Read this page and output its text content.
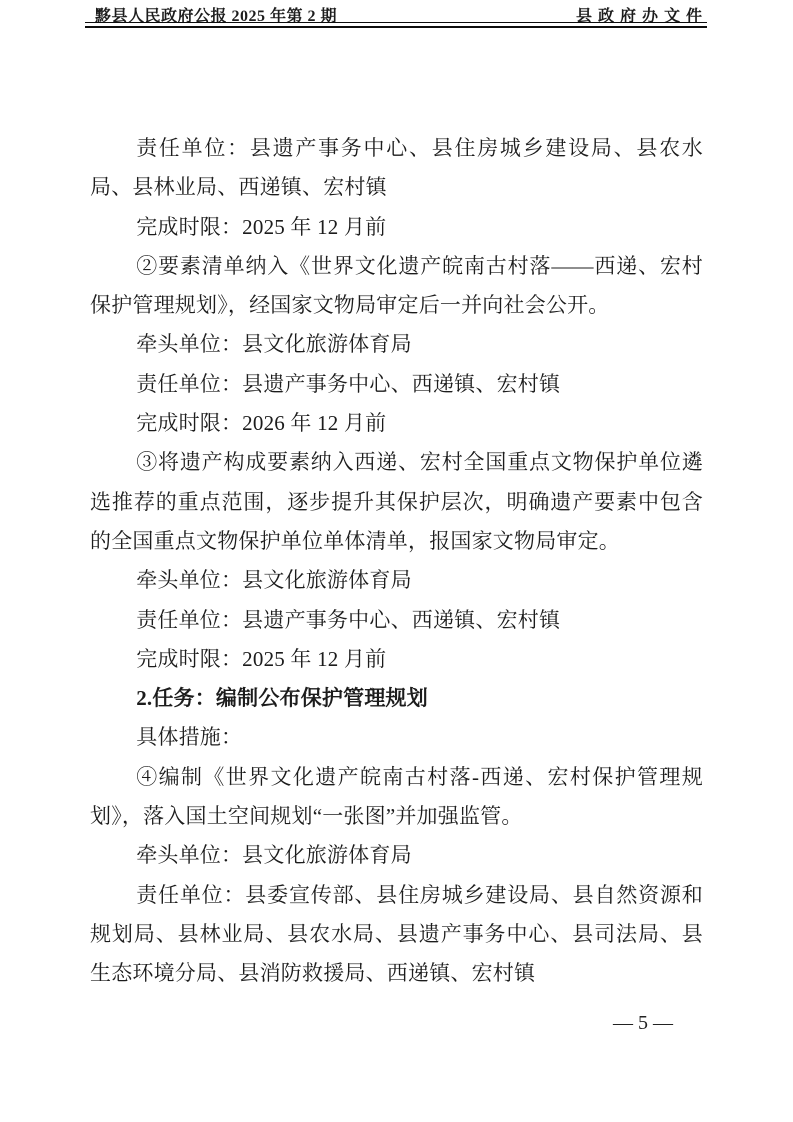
黟县人民政府公报 2025 年第 2 期	县 政 府 办 文 件

责任单位：县遗产事务中心、县住房城乡建设局、县农水局、县林业局、西递镇、宏村镇

完成时限：2025 年 12 月前

②要素清单纳入《世界文化遗产皖南古村落——西递、宏村保护管理规划》，经国家文物局审定后一并向社会公开。

牵头单位：县文化旅游体育局

责任单位：县遗产事务中心、西递镇、宏村镇

完成时限：2026 年 12 月前

③将遗产构成要素纳入西递、宏村全国重点文物保护单位遴选推荐的重点范围，逐步提升其保护层次，明确遗产要素中包含的全国重点文物保护单位单体清单，报国家文物局审定。

牵头单位：县文化旅游体育局

责任单位：县遗产事务中心、西递镇、宏村镇

完成时限：2025 年 12 月前

2.任务：编制公布保护管理规划

具体措施：

④编制《世界文化遗产皖南古村落-西递、宏村保护管理规划》，落入国土空间规划“一张图”并加强监管。

牵头单位：县文化旅游体育局

责任单位：县委宣传部、县住房城乡建设局、县自然资源和规划局、县林业局、县农水局、县遗产事务中心、县司法局、县生态环境分局、县消防救援局、西递镇、宏村镇

— 5 —
